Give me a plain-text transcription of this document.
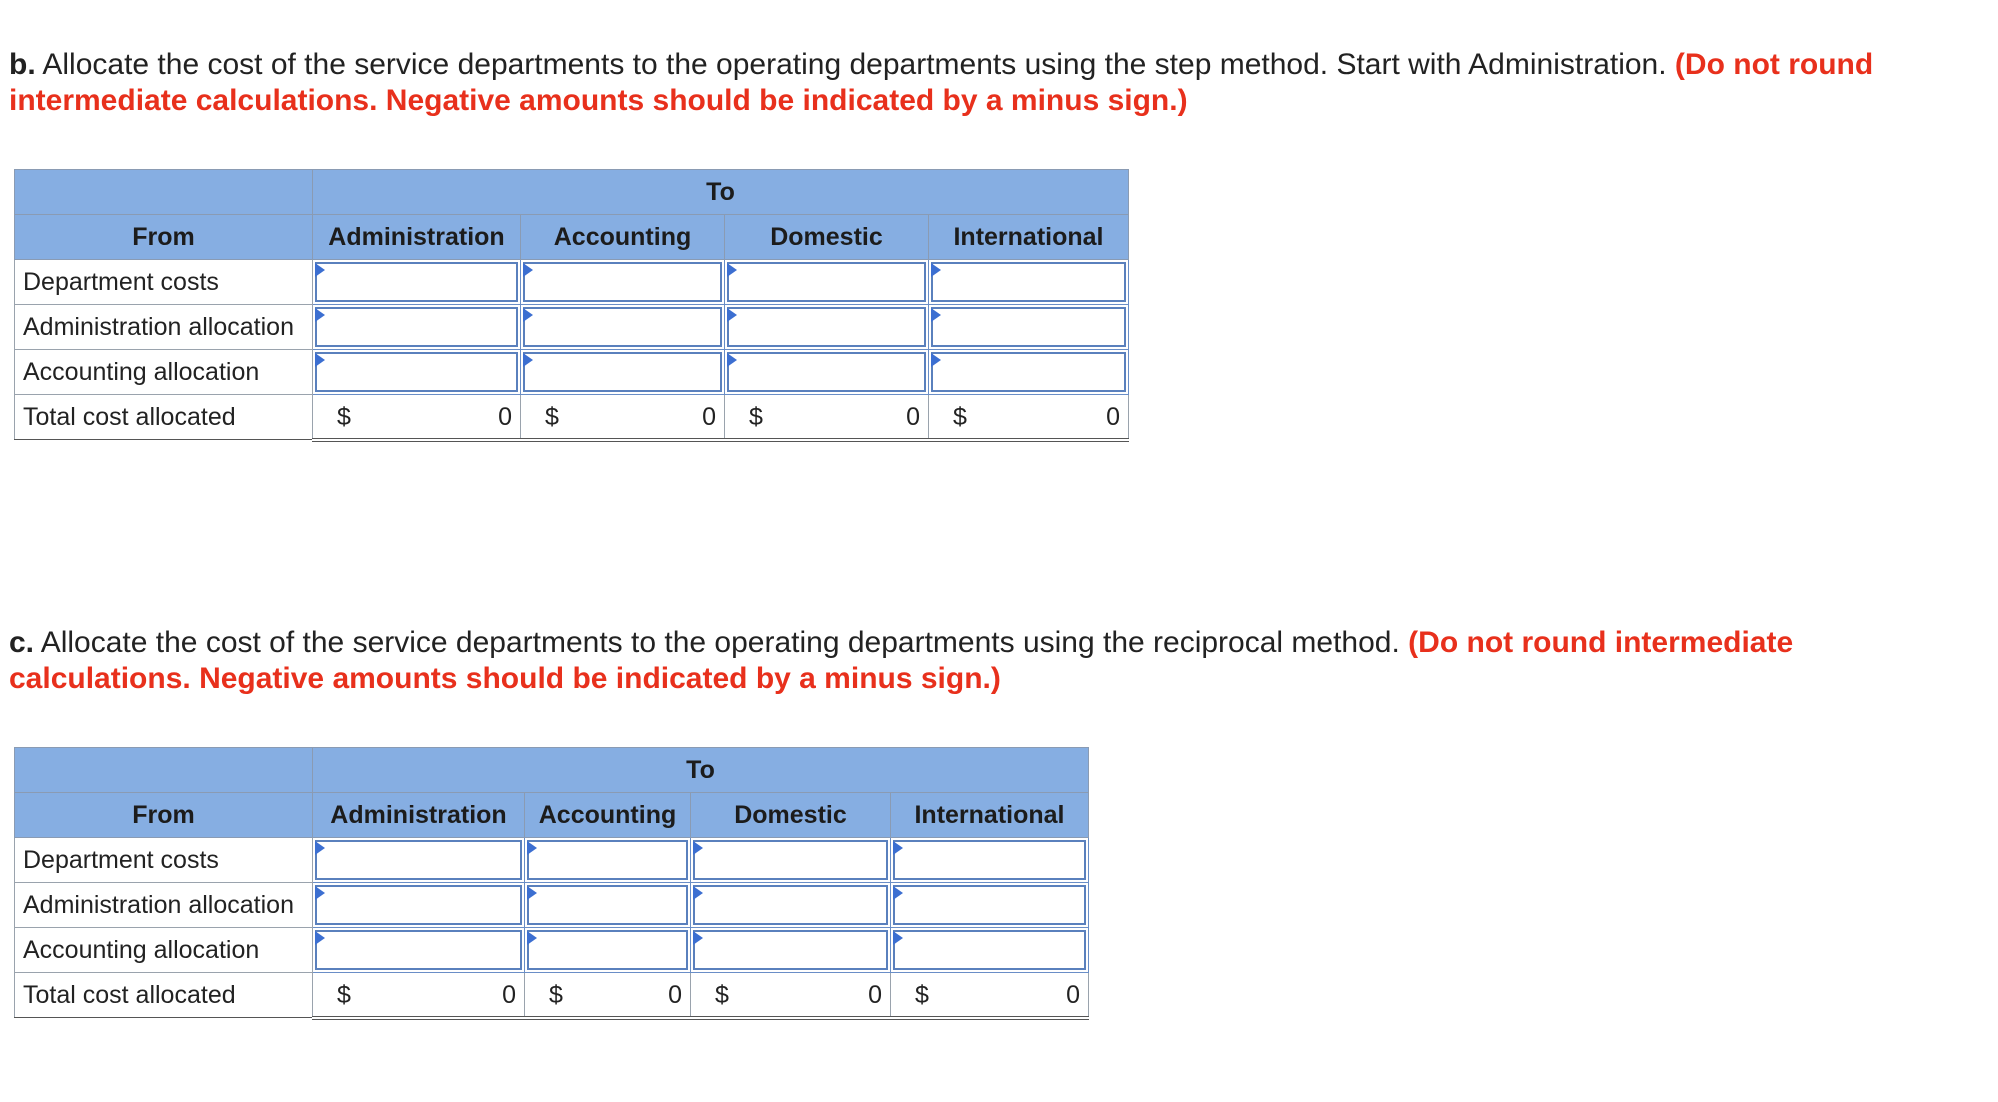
b. Allocate the cost of the service departments to the operating departments using the step method. Start with Administration. (Do not round intermediate calculations. Negative amounts should be indicated by a minus sign.)
	To			
From	Administration	Accounting	Domestic	International
Department costs	

Administration allocation	

Accounting allocation	

Total cost allocated	$ 0	$ 0	$ 0	$ 0
c. Allocate the cost of the service departments to the operating departments using the reciprocal method. (Do not round intermediate calculations. Negative amounts should be indicated by a minus sign.)
	To			
From	Administration	Accounting	Domestic	International
Department costs	

Administration allocation	

Accounting allocation	

Total cost allocated	$ 0	$ 0	$ 0	$ 0
